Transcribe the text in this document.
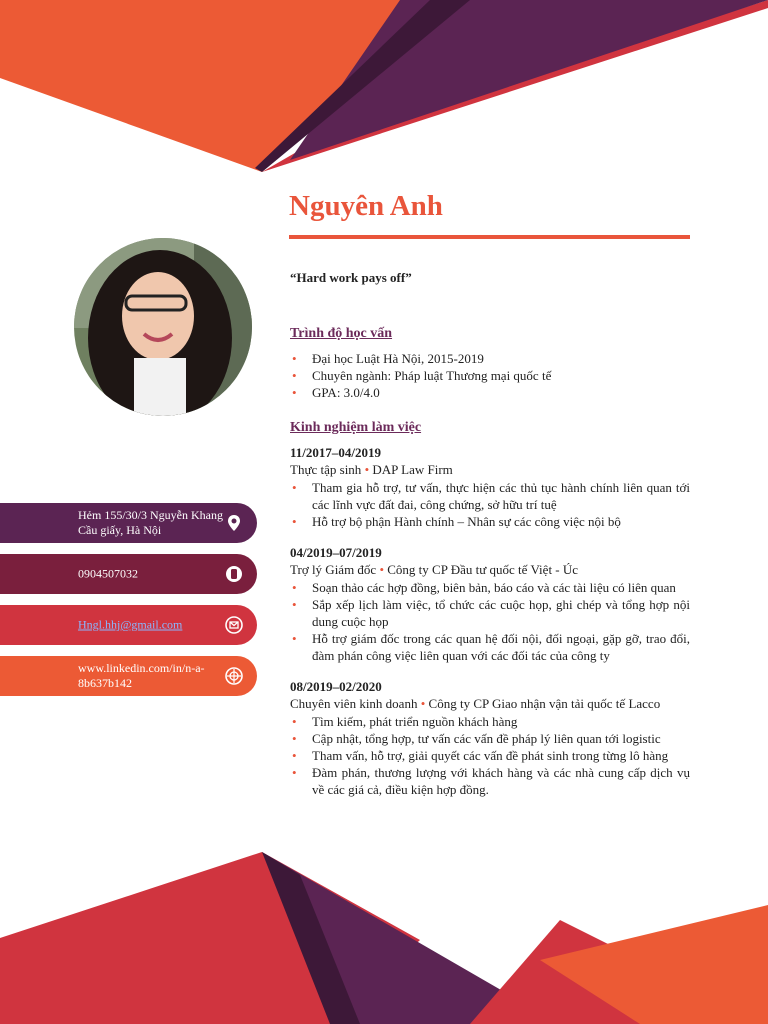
Hẻm 155/30/3 Nguyễn Khang Cầu giấy, Hà Nội
0904507032
Hngl.hhj@gmail.com
www.linkedin.com/in/n-a-8b637b142
Nguyên Anh
“Hard work pays off”
Trình độ học vấn
• Đại học Luật Hà Nội, 2015-2019
• Chuyên ngành: Pháp luật Thương mại quốc tế
• GPA: 3.0/4.0
Kinh nghiệm làm việc
11/2017–04/2019
Thực tập sinh • DAP Law Firm
• Tham gia hỗ trợ, tư vấn, thực hiện các thủ tục hành chính liên quan tới các lĩnh vực đất đai, công chứng, sở hữu trí tuệ
• Hỗ trợ bộ phận Hành chính – Nhân sự các công việc nội bộ
04/2019–07/2019
Trợ lý Giám đốc • Công ty CP Đầu tư quốc tế Việt - Úc
• Soạn thảo các hợp đồng, biên bản, báo cáo và các tài liệu có liên quan
• Sắp xếp lịch làm việc, tổ chức các cuộc họp, ghi chép và tổng hợp nội dung cuộc họp
• Hỗ trợ giám đốc trong các quan hệ đối nội, đối ngoại, gặp gỡ, trao đổi, đàm phán công việc liên quan với các đối tác của công ty
08/2019–02/2020
Chuyên viên kinh doanh • Công ty CP Giao nhận vận tải quốc tế Lacco
• Tìm kiếm, phát triển nguồn khách hàng
• Cập nhật, tổng hợp, tư vấn các vấn đề pháp lý liên quan tới logistic
• Tham vấn, hỗ trợ, giải quyết các vấn đề phát sinh trong từng lô hàng
• Đàm phán, thương lượng với khách hàng và các nhà cung cấp dịch vụ về các giá cả, điều kiện hợp đồng.
